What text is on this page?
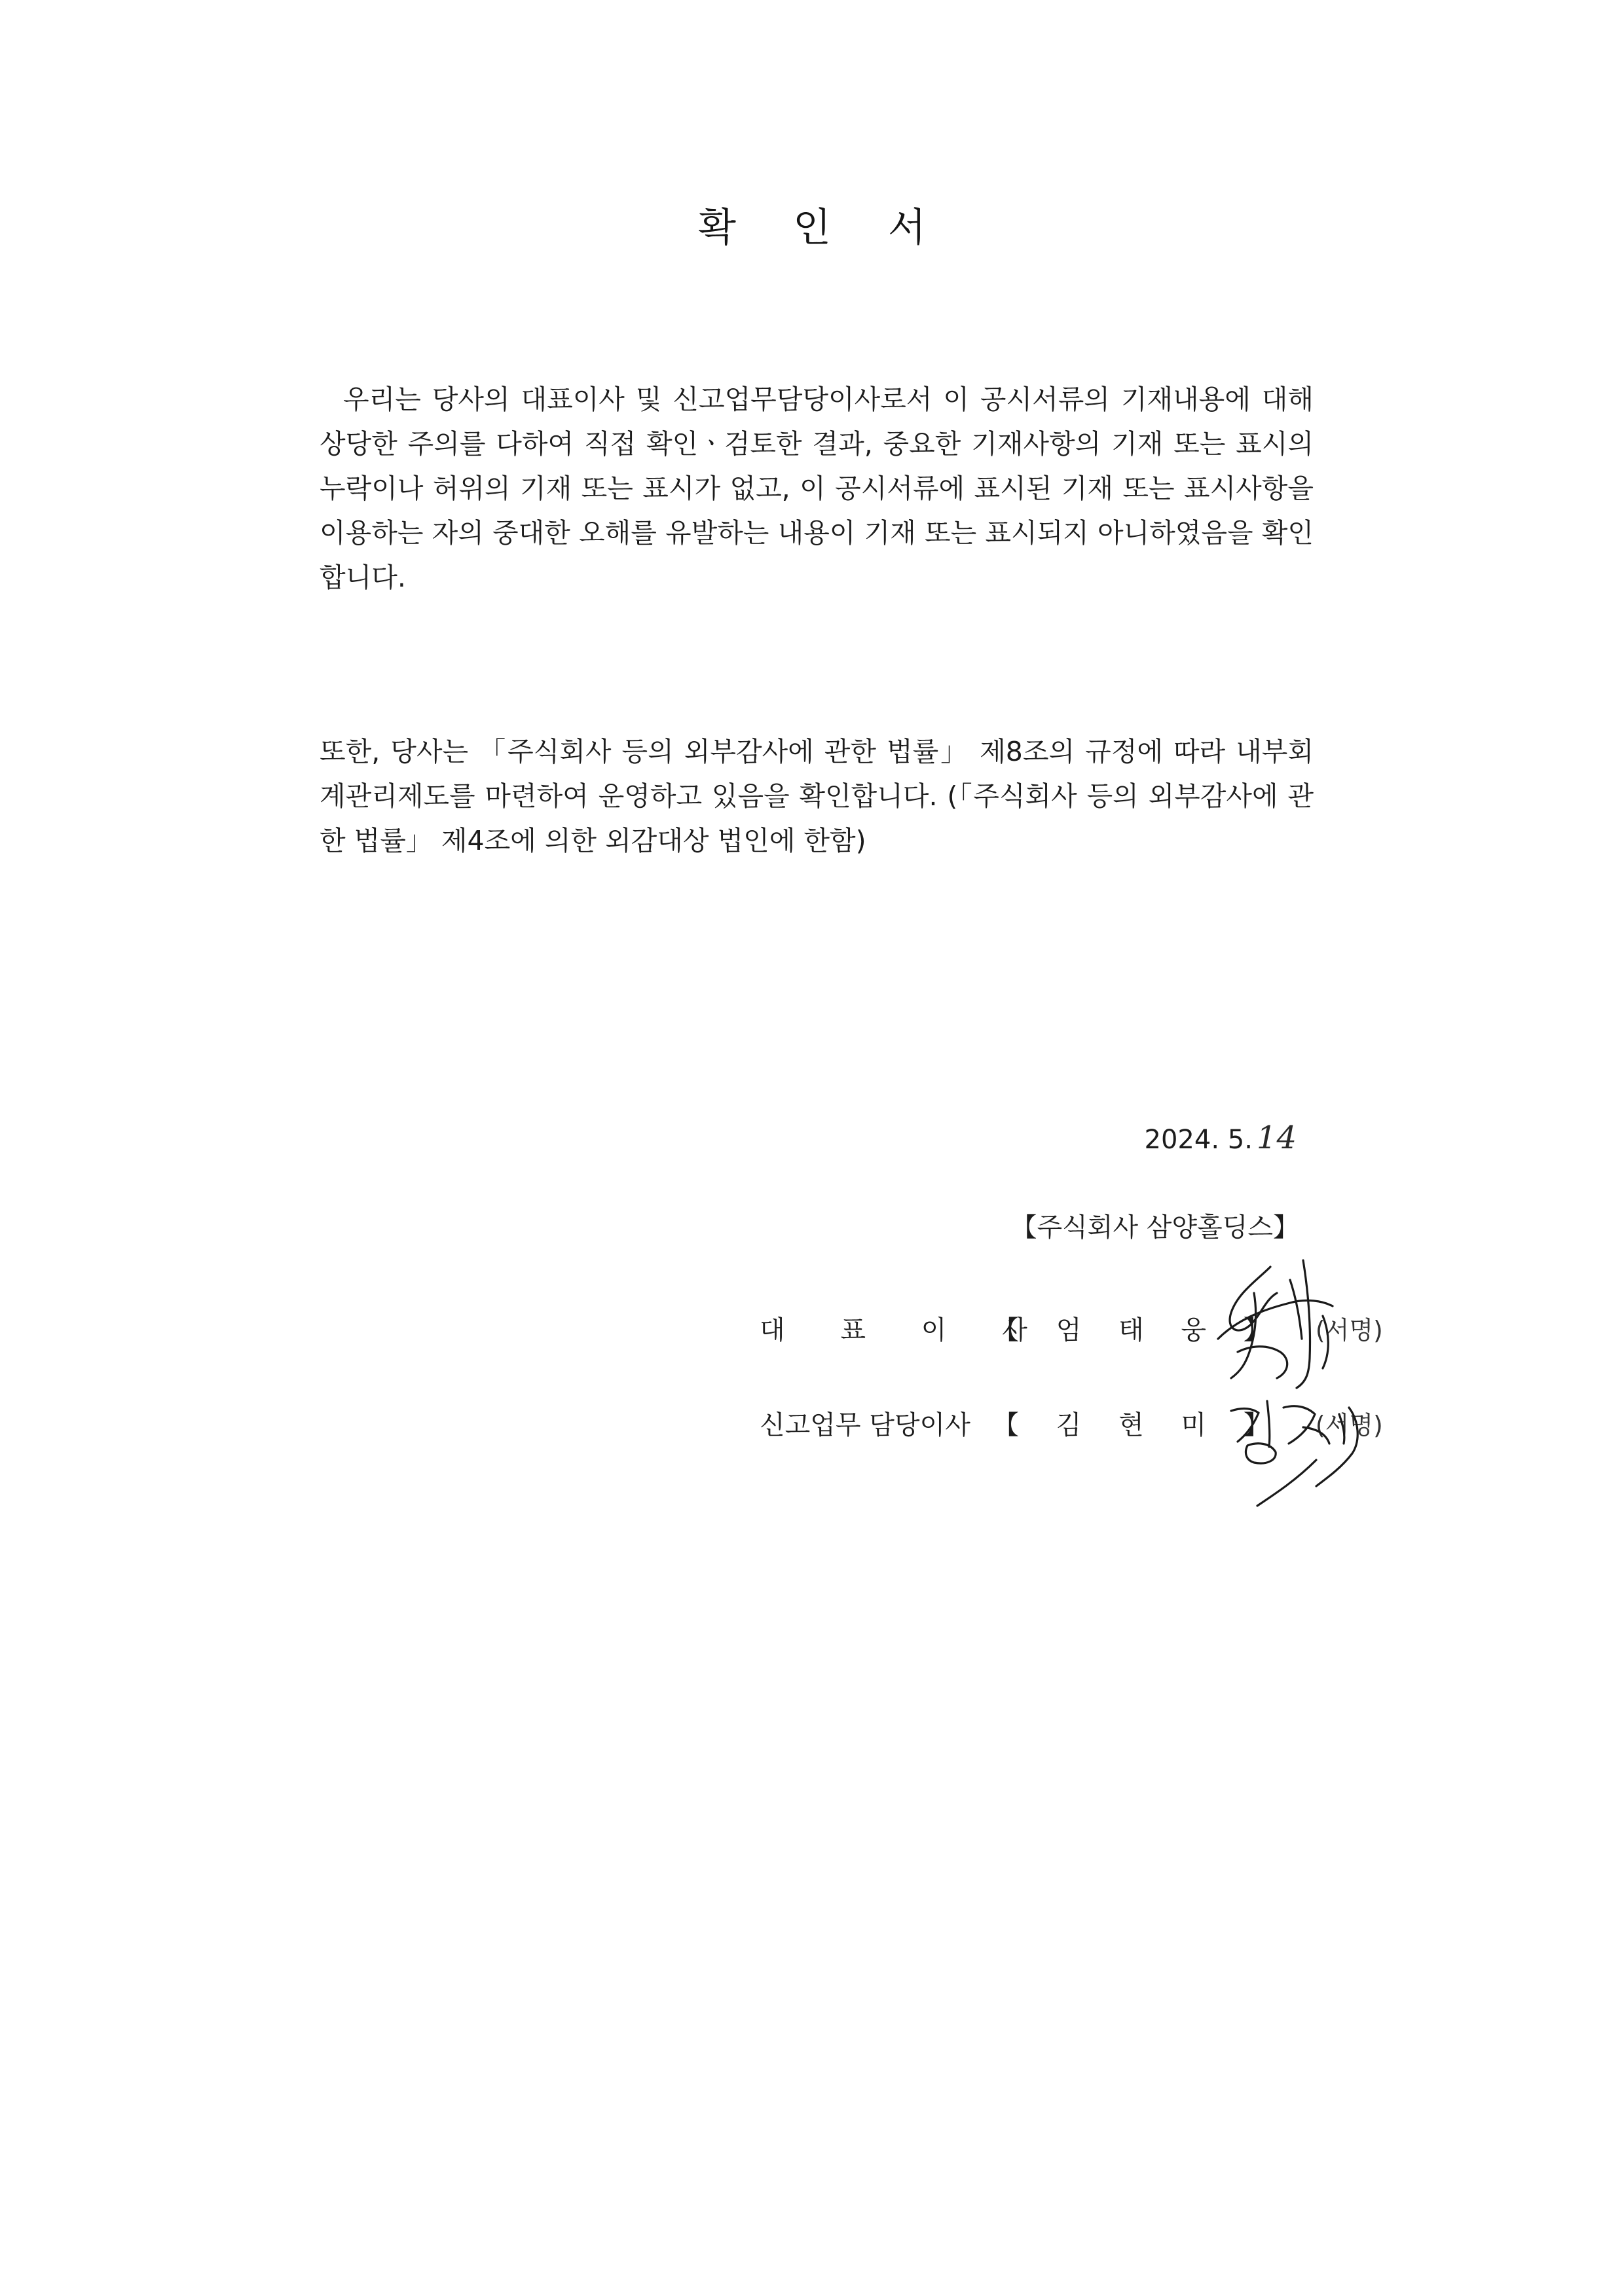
확 인 서

우리는 당사의 대표이사 및 신고업무담당이사로서 이 공시서류의 기재내용에 대해 상당한 주의를 다하여 직접 확인ㆍ검토한 결과, 중요한 기재사항의 기재 또는 표시의 누락이나 허위의 기재 또는 표시가 없고, 이 공시서류에 표시된 기재 또는 표시사항을 이용하는 자의 중대한 오해를 유발하는 내용이 기재 또는 표시되지 아니하였음을 확인합니다.

또한, 당사는 「주식회사 등의 외부감사에 관한 법률」 제8조의 규정에 따라 내부회계관리제도를 마련하여 운영하고 있음을 확인합니다. (「주식회사 등의 외부감사에 관한 법률」 제4조에 의한 외감대상 법인에 한함)

2024. 5. 14
【주식회사 삼양홀딩스】
대 표 이 사【 엄 태 웅 】 (서명)
신고업무 담당이사 【 김 현 미 】 (서명)
